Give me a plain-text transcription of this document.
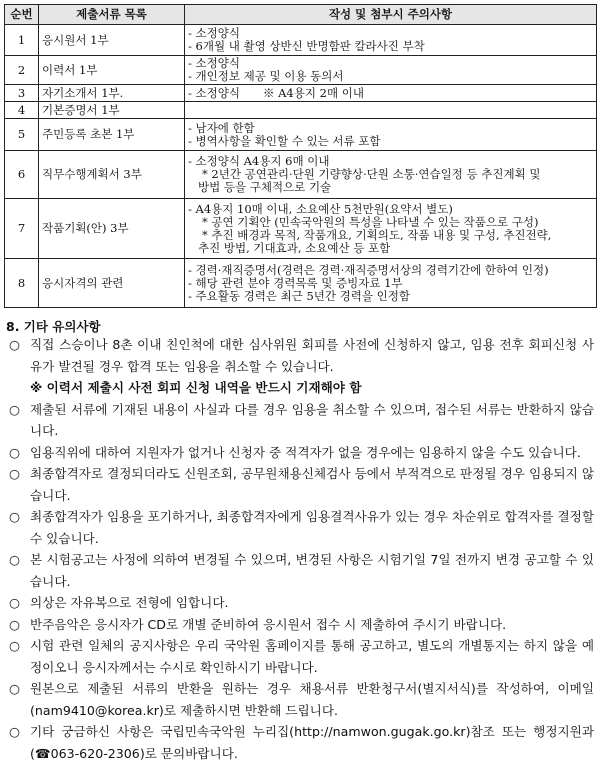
순번	제출서류 목록	작성 및 첨부시 주의사항
1	응시원서 1부	- 소정양식
- 6개월 내 촬영 상반신 반명함판 칼라사진 부착

2	이력서 1부	- 소정양식
- 개인정보 제공 및 이용 동의서

3	자기소개서 1부.	- 소정양식　　※ A4용지 2매 이내

4	기본증명서 1부	
5	주민등록 초본 1부	- 남자에 한함
- 병역사항을 확인할 수 있는 서류 포함

6	직무수행계획서 3부	- 소정양식 A4용지 6매 이내
* 2년간 공연관리·단원 기량향상·단원 소통·연습일정 등 추진계획 및
방법 등을 구체적으로 기술

7	작품기획(안) 3부	- A4용지 10매 이내, 소요예산 5천만원(요약서 별도)
* 공연 기획안 (민속국악원의 특성을 나타낼 수 있는 작품으로 구성)
* 추진 배경과 목적, 작품개요, 기획의도, 작품 내용 및 구성, 추진전략,
추진 방법, 기대효과, 소요예산 등 포함

8	응시자격의 관련	- 경력·재직증명서(경력은 경력·재직증명서상의 경력기간에 한하여 인정)
- 해당 관련 분야 경력목록 및 증빙자료 1부
- 주요활동 경력은 최근 5년간 경력을 인정함
8. 기타 유의사항
○ 직접 스승이나 8촌 이내 친인척에 대한 심사위원 회피를 사전에 신청하지 않고, 임용 전후 회피신청 사유가 발견될 경우 합격 또는 임용을 취소할 수 있습니다.
※ 이력서 제출시 사전 회피 신청 내역을 반드시 기재해야 함
○ 제출된 서류에 기재된 내용이 사실과 다를 경우 임용을 취소할 수 있으며, 접수된 서류는 반환하지 않습니다.
○ 임용직위에 대하여 지원자가 없거나 신청자 중 적격자가 없을 경우에는 임용하지 않을 수도 있습니다.
○ 최종합격자로 결정되더라도 신원조회, 공무원채용신체검사 등에서 부적격으로 판정될 경우 임용되지 않습니다.
○ 최종합격자가 임용을 포기하거나, 최종합격자에게 임용결격사유가 있는 경우 차순위로 합격자를 결정할 수 있습니다.
○ 본 시험공고는 사정에 의하여 변경될 수 있으며, 변경된 사항은 시험기일 7일 전까지 변경 공고할 수 있습니다.
○ 의상은 자유복으로 전형에 임합니다.
○ 반주음악은 응시자가 CD로 개별 준비하여 응시원서 접수 시 제출하여 주시기 바랍니다.
○ 시험 관련 일체의 공지사항은 우리 국악원 홈페이지를 통해 공고하고, 별도의 개별통지는 하지 않을 예정이오니 응시자께서는 수시로 확인하시기 바랍니다.
○ 원본으로 제출된 서류의 반환을 원하는 경우 채용서류 반환청구서(별지서식)를 작성하여, 이메일(nam9410@korea.kr)로 제출하시면 반환해 드립니다.
○ 기타 궁금하신 사항은 국립민속국악원 누리집(http://namwon.gugak.go.kr)참조 또는 행정지원과(☎063-620-2306)로 문의바랍니다.
